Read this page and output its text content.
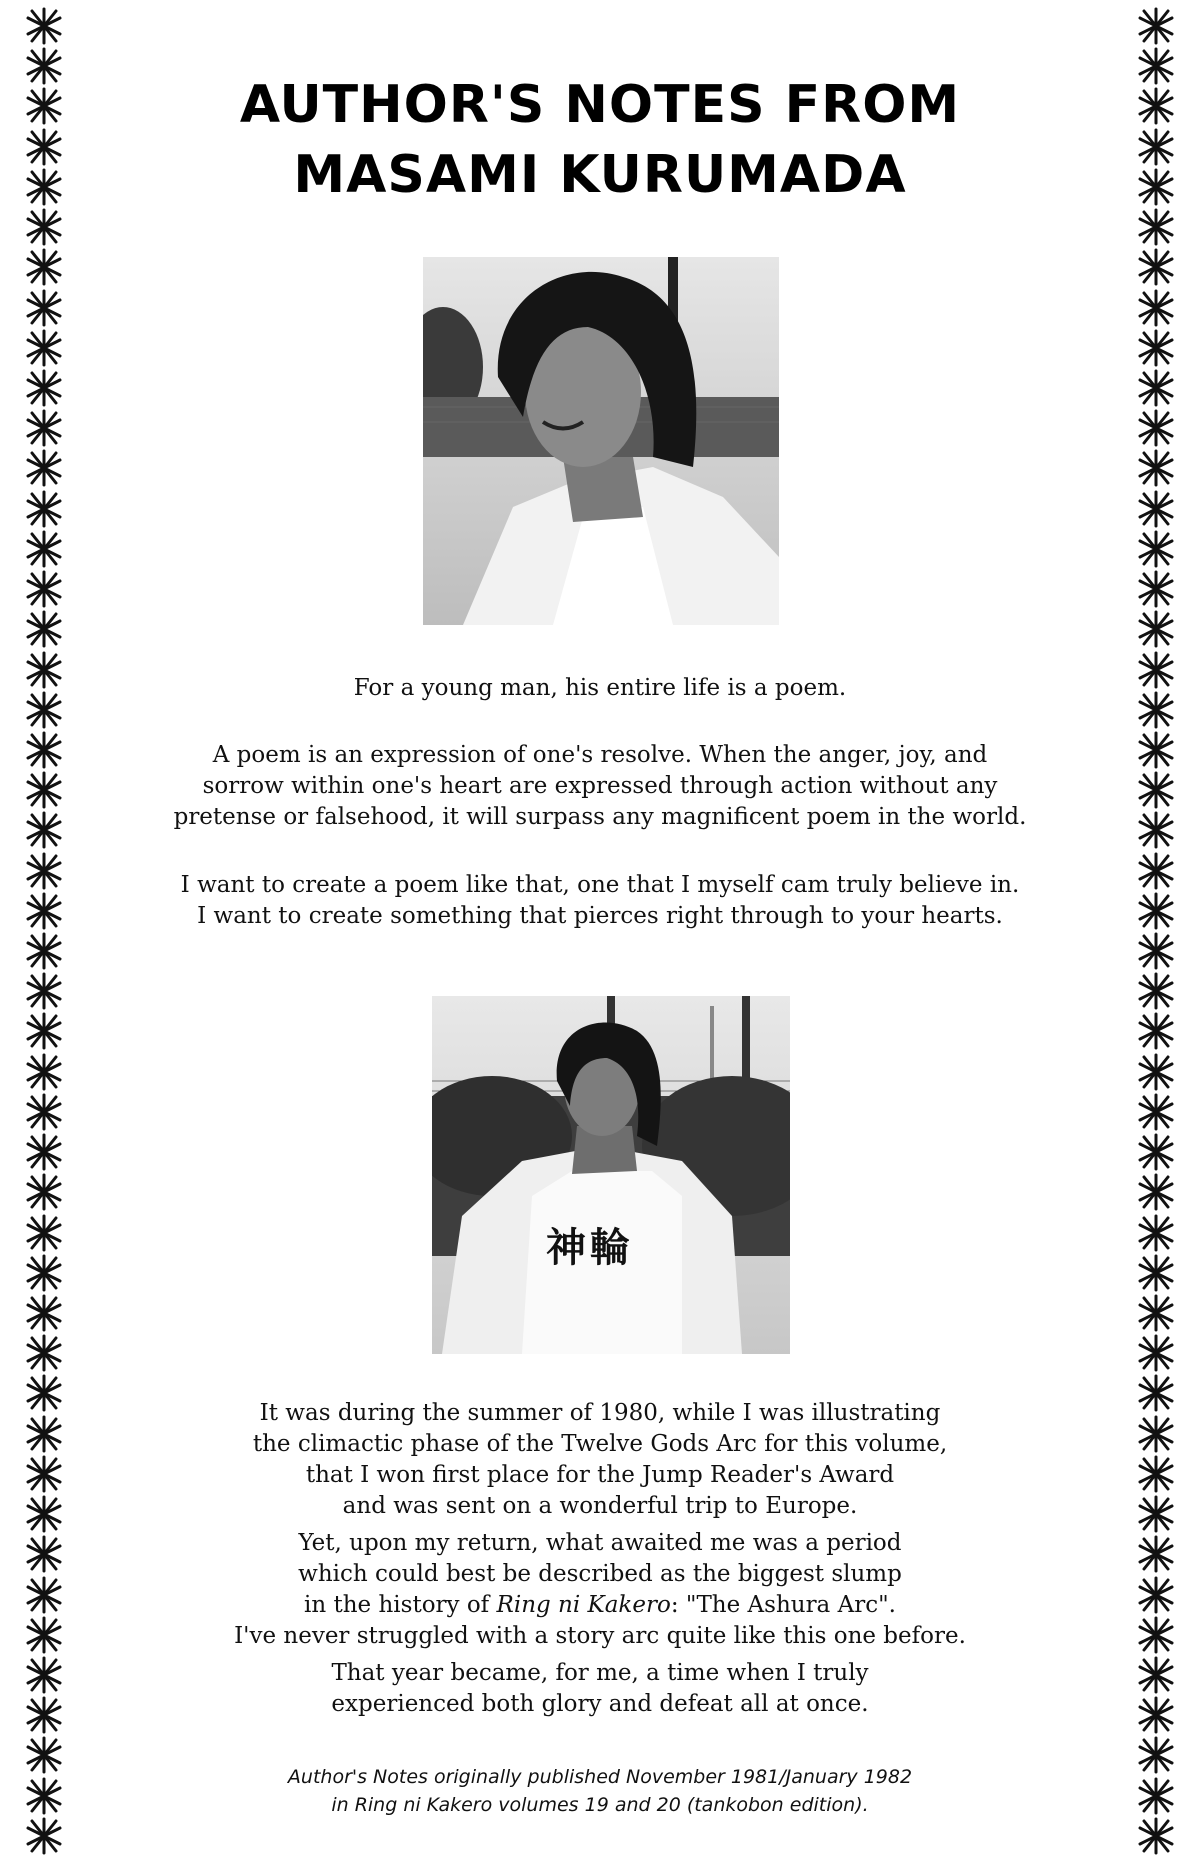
AUTHOR'S NOTES FROM
MASAMI KURUMADA

For a young man, his entire life is a poem.

A poem is an expression of one's resolve. When the anger, joy, and

sorrow within one's heart are expressed through action without any

pretense or falsehood, it will surpass any magnificent poem in the world.

I want to create a poem like that, one that I myself cam truly believe in.

I want to create something that pierces right through to your hearts.

神輪

It was during the summer of 1980, while I was illustrating

the climactic phase of the Twelve Gods Arc for this volume,

that I won first place for the Jump Reader's Award

and was sent on a wonderful trip to Europe.

Yet, upon my return, what awaited me was a period

which could best be described as the biggest slump

in the history of Ring ni Kakero: "The Ashura Arc".

I've never struggled with a story arc quite like this one before.

That year became, for me, a time when I truly

experienced both glory and defeat all at once.

Author's Notes originally published November 1981/January 1982
in Ring ni Kakero volumes 19 and 20 (tankobon edition).
